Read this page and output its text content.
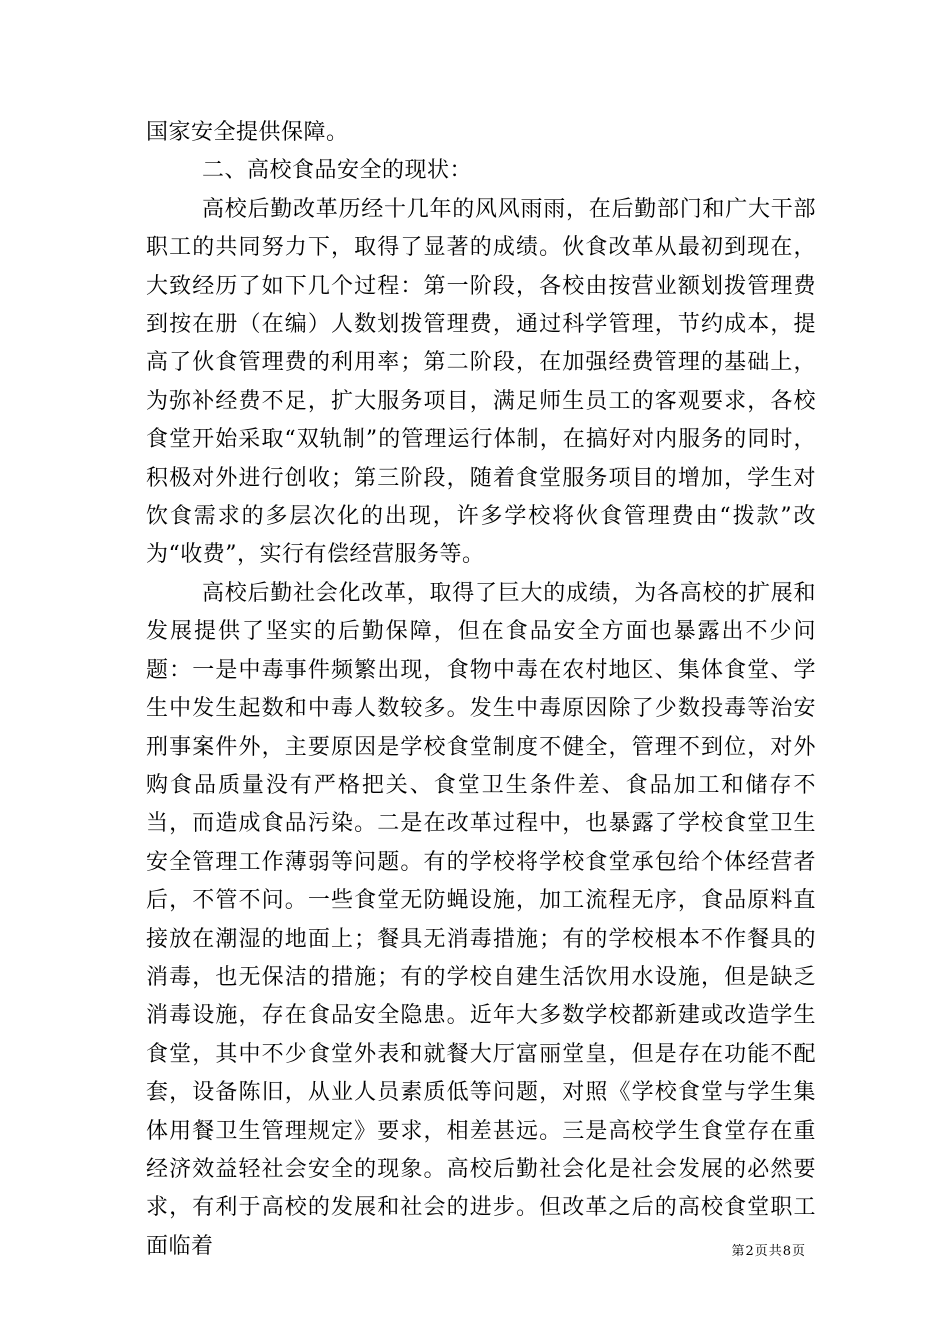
国家安全提供保障。

二、高校食品安全的现状：

高校后勤改革历经十几年的风风雨雨，在后勤部门和广大干部职工的共同努力下，取得了显著的成绩。伙食改革从最初到现在，大致经历了如下几个过程：第一阶段，各校由按营业额划拨管理费到按在册（在编）人数划拨管理费，通过科学管理，节约成本，提高了伙食管理费的利用率；第二阶段，在加强经费管理的基础上，为弥补经费不足，扩大服务项目，满足师生员工的客观要求，各校食堂开始采取“双轨制”的管理运行体制，在搞好对内服务的同时，积极对外进行创收；第三阶段，随着食堂服务项目的增加，学生对饮食需求的多层次化的出现，许多学校将伙食管理费由“拨款”改为“收费”，实行有偿经营服务等。

高校后勤社会化改革，取得了巨大的成绩，为各高校的扩展和发展提供了坚实的后勤保障，但在食品安全方面也暴露出不少问题：一是中毒事件频繁出现，食物中毒在农村地区、集体食堂、学生中发生起数和中毒人数较多。发生中毒原因除了少数投毒等治安刑事案件外，主要原因是学校食堂制度不健全，管理不到位，对外购食品质量没有严格把关、食堂卫生条件差、食品加工和储存不当，而造成食品污染。二是在改革过程中，也暴露了学校食堂卫生安全管理工作薄弱等问题。有的学校将学校食堂承包给个体经营者后，不管不问。一些食堂无防蝇设施，加工流程无序，食品原料直接放在潮湿的地面上；餐具无消毒措施；有的学校根本不作餐具的消毒，也无保洁的措施；有的学校自建生活饮用水设施，但是缺乏消毒设施，存在食品安全隐患。近年大多数学校都新建或改造学生食堂，其中不少食堂外表和就餐大厅富丽堂皇，但是存在功能不配套，设备陈旧，从业人员素质低等问题，对照《学校食堂与学生集体用餐卫生管理规定》要求，相差甚远。三是高校学生食堂存在重经济效益轻社会安全的现象。高校后勤社会化是社会发展的必然要求，有利于高校的发展和社会的进步。但改革之后的高校食堂职工面临着	第2页共8页
